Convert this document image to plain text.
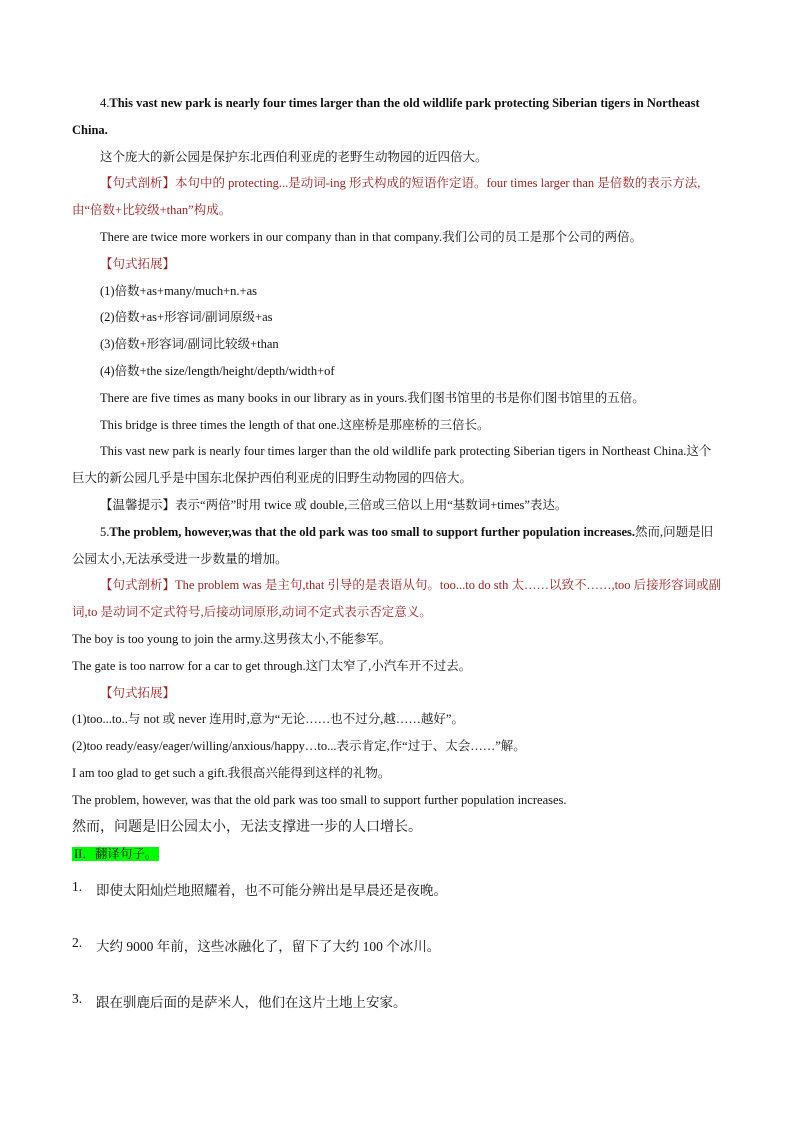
4.This vast new park is nearly four times larger than the old wildlife park protecting Siberian tigers in Northeast China.

这个庞大的新公园是保护东北西伯利亚虎的老野生动物园的近四倍大。

【句式剖析】本句中的 protecting...是动词-ing 形式构成的短语作定语。four times larger than 是倍数的表示方法,由“倍数+比较级+than”构成。

There are twice more workers in our company than in that company.我们公司的员工是那个公司的两倍。

【句式拓展】

(1)倍数+as+many/much+n.+as

(2)倍数+as+形容词/副词原级+as

(3)倍数+形容词/副词比较级+than

(4)倍数+the size/length/height/depth/width+of

There are five times as many books in our library as in yours.我们图书馆里的书是你们图书馆里的五倍。

This bridge is three times the length of that one.这座桥是那座桥的三倍长。

This vast new park is nearly four times larger than the old wildlife park protecting Siberian tigers in Northeast China.这个巨大的新公园几乎是中国东北保护西伯利亚虎的旧野生动物园的四倍大。

【温馨提示】表示“两倍”时用 twice 或 double,三倍或三倍以上用“基数词+times”表达。

5.The problem, however,was that the old park was too small to support further population increases.然而,问题是旧公园太小,无法承受进一步数量的增加。

【句式剖析】The problem was 是主句,that 引导的是表语从句。too...to do sth 太……以致不……,too 后接形容词或副词,to 是动词不定式符号,后接动词原形,动词不定式表示否定意义。

The boy is too young to join the army.这男孩太小,不能参军。

The gate is too narrow for a car to get through.这门太窄了,小汽车开不过去。

【句式拓展】

(1)too...to..与 not 或 never 连用时,意为“无论……也不过分,越……越好”。

(2)too ready/easy/eager/willing/anxious/happy…to...表示肯定,作“过于、太会……”解。

I am too glad to get such a gift.我很高兴能得到这样的礼物。

The problem, however, was that the old park was too small to support further population increases.

然而，问题是旧公园太小，无法支撑进一步的人口增长。

II．翻译句子。

1.	即使太阳灿烂地照耀着，也不可能分辨出是早晨还是夜晚。

2.	大约 9000 年前，这些冰融化了，留下了大约 100 个冰川。

3.	跟在驯鹿后面的是萨米人，他们在这片土地上安家。
